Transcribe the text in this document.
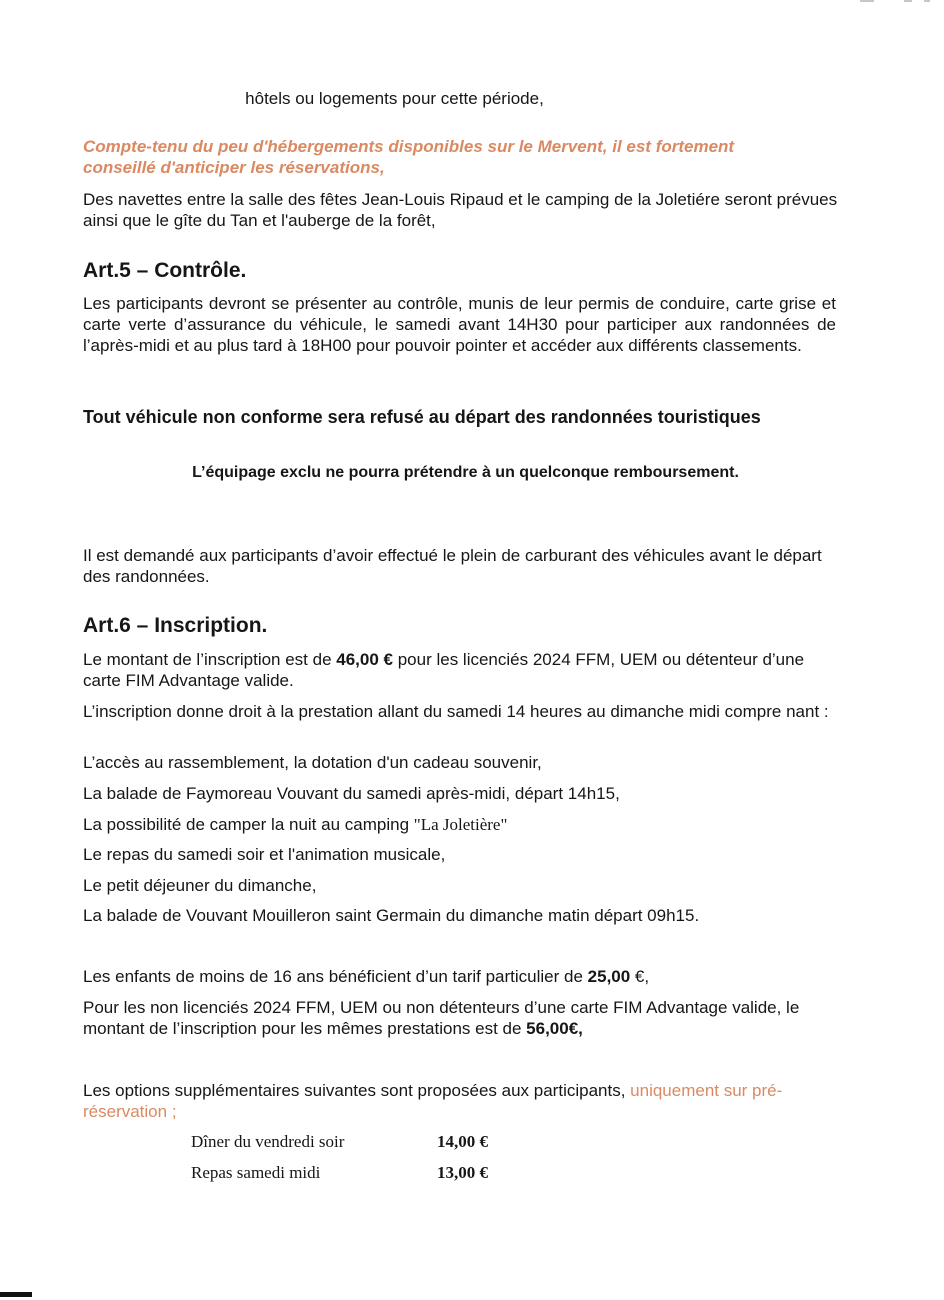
hôtels ou logements pour cette période,

Compte-tenu du peu d'hébergements disponibles sur le Mervent, il est fortement conseillé d'anticiper les réservations,

Des navettes entre la salle des fêtes Jean-Louis Ripaud et le camping de la Joletiére seront prévues ainsi que le gîte du Tan et l'auberge de la forêt,

Art.5 – Contrôle.

Les participants devront se présenter au contrôle, munis de leur permis de conduire, carte grise et carte verte d’assurance du véhicule, le samedi avant 14H30 pour participer aux randonnées de l’après-midi et au plus tard à 18H00 pour pouvoir pointer et accéder aux différents classements.

Tout véhicule non conforme sera refusé au départ des randonnées touristiques

L’équipage exclu ne pourra prétendre à un quelconque remboursement.

Il est demandé aux participants d’avoir effectué le plein de carburant des véhicules avant le départ des randonnées.

Art.6 – Inscription.

Le montant de l’inscription est de 46,00 € pour les licenciés 2024 FFM, UEM ou détenteur d’une carte FIM Advantage valide.

L’inscription donne droit à la prestation allant du samedi 14 heures au dimanche midi compre nant :

L’accès au rassemblement, la dotation d'un cadeau souvenir,

La balade de Faymoreau Vouvant du samedi après-midi, départ 14h15,

La possibilité de camper la nuit au camping "La Joletière"

Le repas du samedi soir et l'animation musicale,

Le petit déjeuner du dimanche,

La balade de Vouvant Mouilleron saint Germain du dimanche matin départ 09h15.

Les enfants de moins de 16 ans bénéficient d’un tarif particulier de 25,00 €,

Pour les non licenciés 2024 FFM, UEM ou non détenteurs d’une carte FIM Advantage valide, le montant de l’inscription pour les mêmes prestations est de 56,00€,

Les options supplémentaires suivantes sont proposées aux participants, uniquement sur pré-réservation ;

Dîner du vendredi soir	14,00 €
Repas samedi midi	13,00 €
